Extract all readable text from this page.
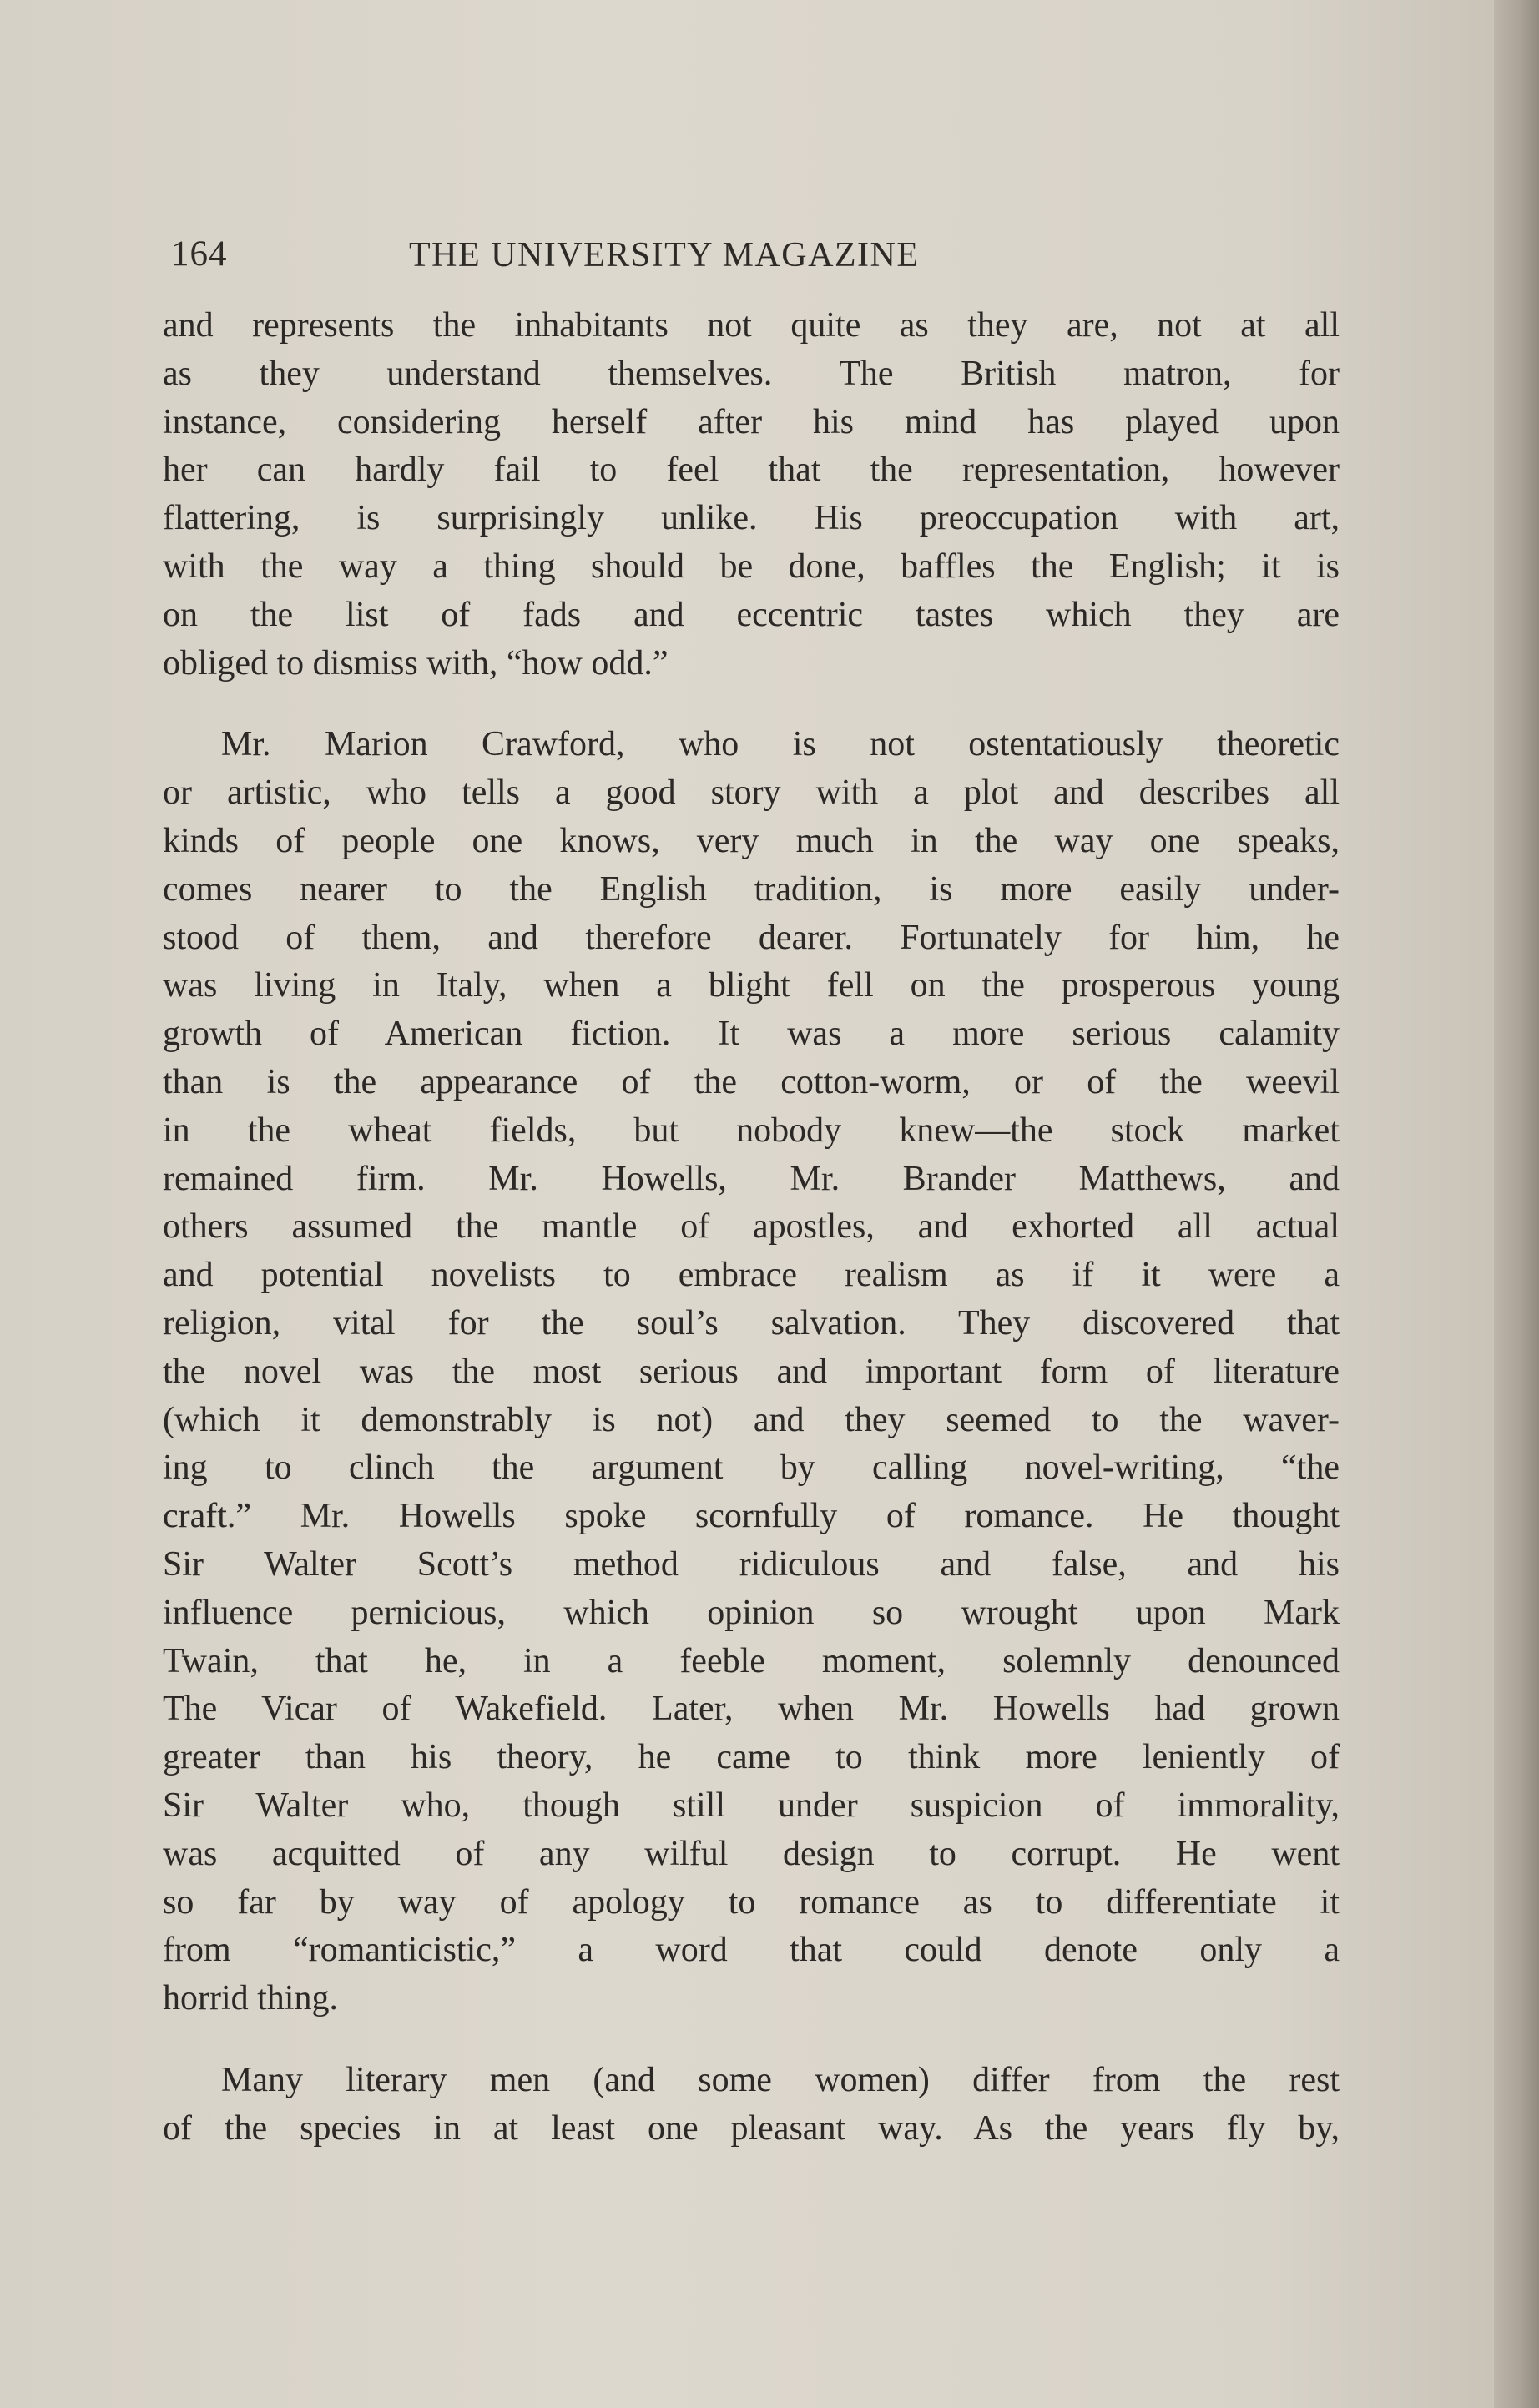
164	THE UNIVERSITY MAGAZINE
and represents the inhabitants not quite as they are, not at all
as they understand themselves. The British matron, for
instance, considering herself after his mind has played upon
her can hardly fail to feel that the representation, however
flattering, is surprisingly unlike. His preoccupation with art,
with the way a thing should be done, baffles the English; it is
on the list of fads and eccentric tastes which they are
obliged to dismiss with, “how odd.”
Mr. Marion Crawford, who is not ostentatiously theoretic
or artistic, who tells a good story with a plot and describes all
kinds of people one knows, very much in the way one speaks,
comes nearer to the English tradition, is more easily under-
stood of them, and therefore dearer. Fortunately for him, he
was living in Italy, when a blight fell on the prosperous young
growth of American fiction. It was a more serious calamity
than is the appearance of the cotton-worm, or of the weevil
in the wheat fields, but nobody knew—the stock market
remained firm. Mr. Howells, Mr. Brander Matthews, and
others assumed the mantle of apostles, and exhorted all actual
and potential novelists to embrace realism as if it were a
religion, vital for the soul’s salvation. They discovered that
the novel was the most serious and important form of literature
(which it demonstrably is not) and they seemed to the waver-
ing to clinch the argument by calling novel-writing, “the
craft.” Mr. Howells spoke scornfully of romance. He thought
Sir Walter Scott’s method ridiculous and false, and his
influence pernicious, which opinion so wrought upon Mark
Twain, that he, in a feeble moment, solemnly denounced
The Vicar of Wakefield. Later, when Mr. Howells had grown
greater than his theory, he came to think more leniently of
Sir Walter who, though still under suspicion of immorality,
was acquitted of any wilful design to corrupt. He went
so far by way of apology to romance as to differentiate it
from “romanticistic,” a word that could denote only a
horrid thing.
Many literary men (and some women) differ from the rest
of the species in at least one pleasant way. As the years fly by,
